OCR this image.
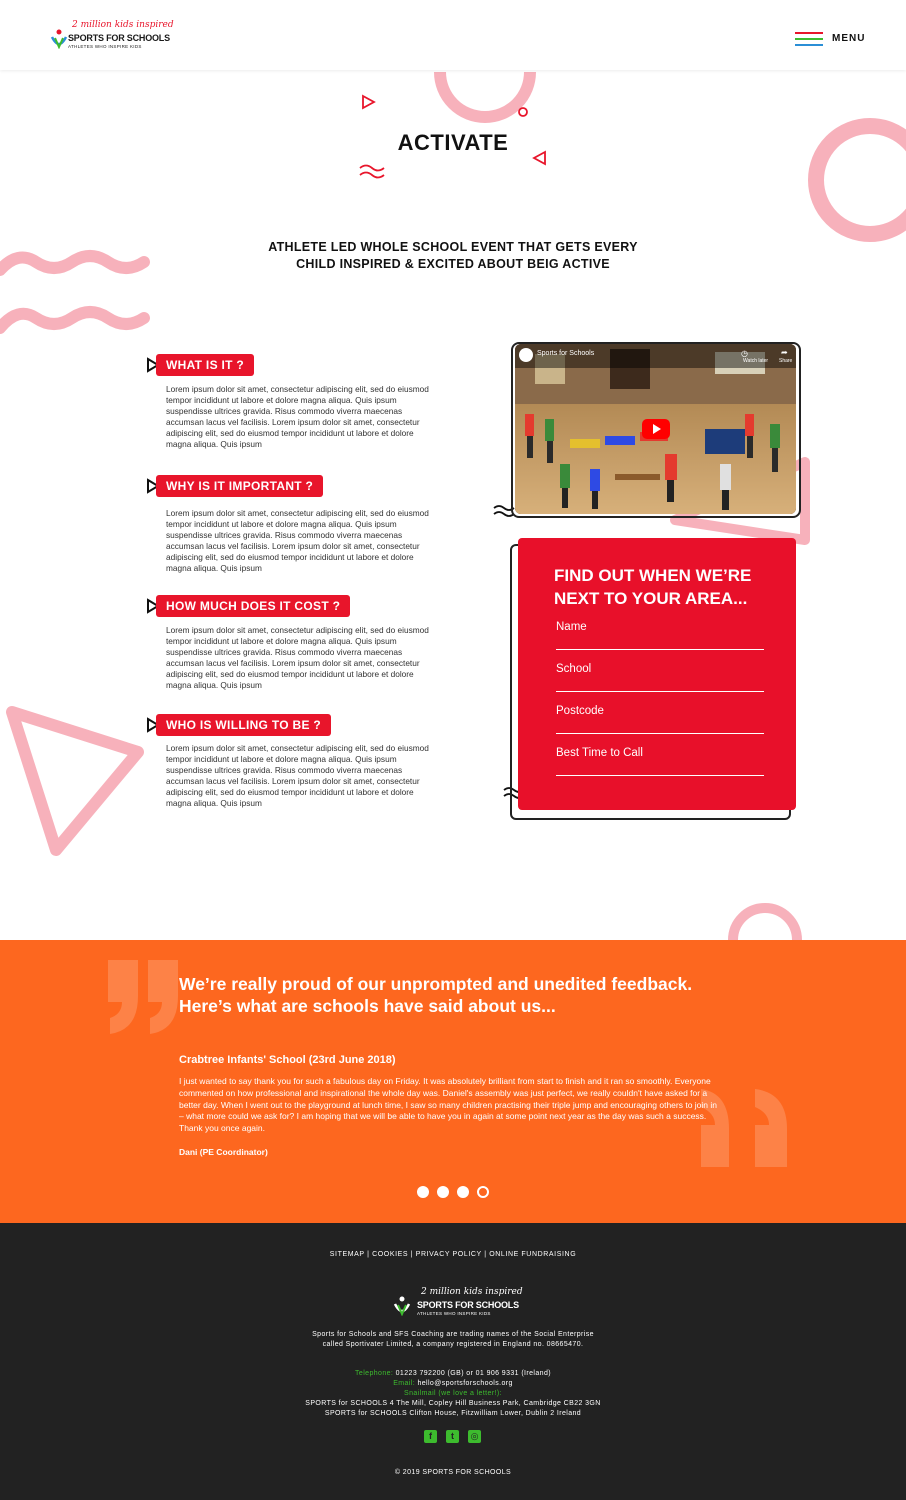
2 million kids inspired
SPORTS FOR SCHOOLS
ATHLETES WHO INSPIRE KIDS
MENU
ACTIVATE
ATHLETE LED WHOLE SCHOOL EVENT THAT GETS EVERY
CHILD INSPIRED & EXCITED ABOUT BEIG ACTIVE
WHAT IS IT ?
Lorem ipsum dolor sit amet, consectetur adipiscing elit, sed do eiusmod tempor incididunt ut labore et dolore magna aliqua. Quis ipsum suspendisse ultrices gravida. Risus commodo viverra maecenas accumsan lacus vel facilisis. Lorem ipsum dolor sit amet, consectetur adipiscing elit, sed do eiusmod tempor incididunt ut labore et dolore magna aliqua. Quis ipsum
WHY IS IT IMPORTANT ?
Lorem ipsum dolor sit amet, consectetur adipiscing elit, sed do eiusmod tempor incididunt ut labore et dolore magna aliqua. Quis ipsum suspendisse ultrices gravida. Risus commodo viverra maecenas accumsan lacus vel facilisis. Lorem ipsum dolor sit amet, consectetur adipiscing elit, sed do eiusmod tempor incididunt ut labore et dolore magna aliqua. Quis ipsum
HOW MUCH DOES IT COST ?
Lorem ipsum dolor sit amet, consectetur adipiscing elit, sed do eiusmod tempor incididunt ut labore et dolore magna aliqua. Quis ipsum suspendisse ultrices gravida. Risus commodo viverra maecenas accumsan lacus vel facilisis. Lorem ipsum dolor sit amet, consectetur adipiscing elit, sed do eiusmod tempor incididunt ut labore et dolore magna aliqua. Quis ipsum
WHO IS WILLING TO BE ?
Lorem ipsum dolor sit amet, consectetur adipiscing elit, sed do eiusmod tempor incididunt ut labore et dolore magna aliqua. Quis ipsum suspendisse ultrices gravida. Risus commodo viverra maecenas accumsan lacus vel facilisis. Lorem ipsum dolor sit amet, consectetur adipiscing elit, sed do eiusmod tempor incididunt ut labore et dolore magna aliqua. Quis ipsum
Sports for Schools	◷
Watch later
➦
Share
FIND OUT WHEN WE’RE
NEXT TO YOUR AREA...
Name
School
Postcode
Best Time to Call
We’re really proud of our unprompted and unedited feedback.
Here’s what are schools have said about us...
Crabtree Infants' School (23rd June 2018)
I just wanted to say thank you for such a fabulous day on Friday. It was absolutely brilliant from start to finish and it ran so smoothly. Everyone commented on how professional and inspirational the whole day was. Daniel's assembly was just perfect, we really couldn't have asked for a better day. When I went out to the playground at lunch time, I saw so many children practising their triple jump and encouraging others to join in – what more could we ask for? I am hoping that we will be able to have you in again at some point next year as the day was such a success. Thank you once again.
Dani (PE Coordinator)
SITEMAP | COOKIES | PRIVACY POLICY | ONLINE FUNDRAISING
2 million kids inspired
SPORTS FOR SCHOOLS
ATHLETES WHO INSPIRE KIDS
Sports for Schools and SFS Coaching are trading names of the Social Enterprise
called Sportivater Limited, a company registered in England no. 08665470.
Telephone: 01223 792200 (GB) or 01 906 9331 (Ireland)
Email: hello@sportsforschools.org
Snailmail (we love a letter!):
SPORTS for SCHOOLS 4 The Mill, Copley Hill Business Park, Cambridge CB22 3GN
SPORTS for SCHOOLS Clifton House, Fitzwilliam Lower, Dublin 2 Ireland
© 2019 SPORTS FOR SCHOOLS
f	t	◎
